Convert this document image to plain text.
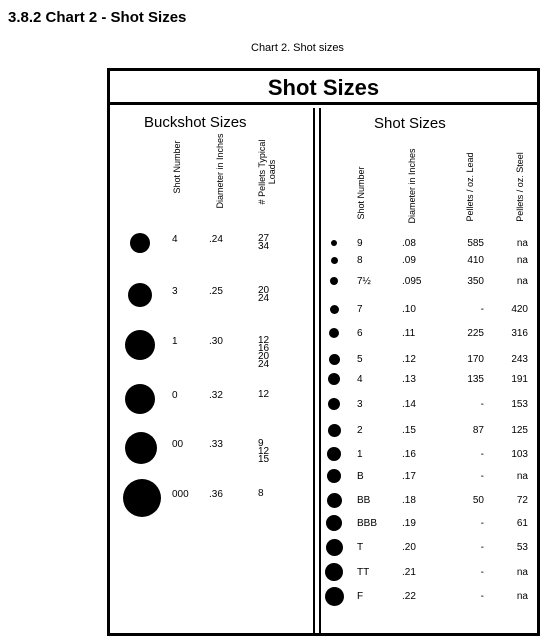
3.8.2 Chart 2 - Shot Sizes
Chart 2. Shot sizes
Shot Sizes
Buckshot Sizes	Shot Sizes
Shot Number	Diameter in Inches	# Pellets Typical Loads	Shot Number	Diameter in Inches	Pellets / oz. Lead	Pellets / oz. Steel
4	.24	27
34
3	.25	20
24
1	.30	12
16
20
24
0	.32	12
00	.33	9
12
15
000 .36	8
9	.08	585	na
8	.09	410	na
7½	.095	350	na
7	.10	-	420
6	.11	225	316
5	.12	170	243
4	.13	135	191
3	.14	-	153
2	.15	87	125
1	.16	-	103
B	.17	-	na
BB	.18	50	72
BBB .19	-	61
T	.20	-	53
TT	.21	-	na
F	.22	-	na
